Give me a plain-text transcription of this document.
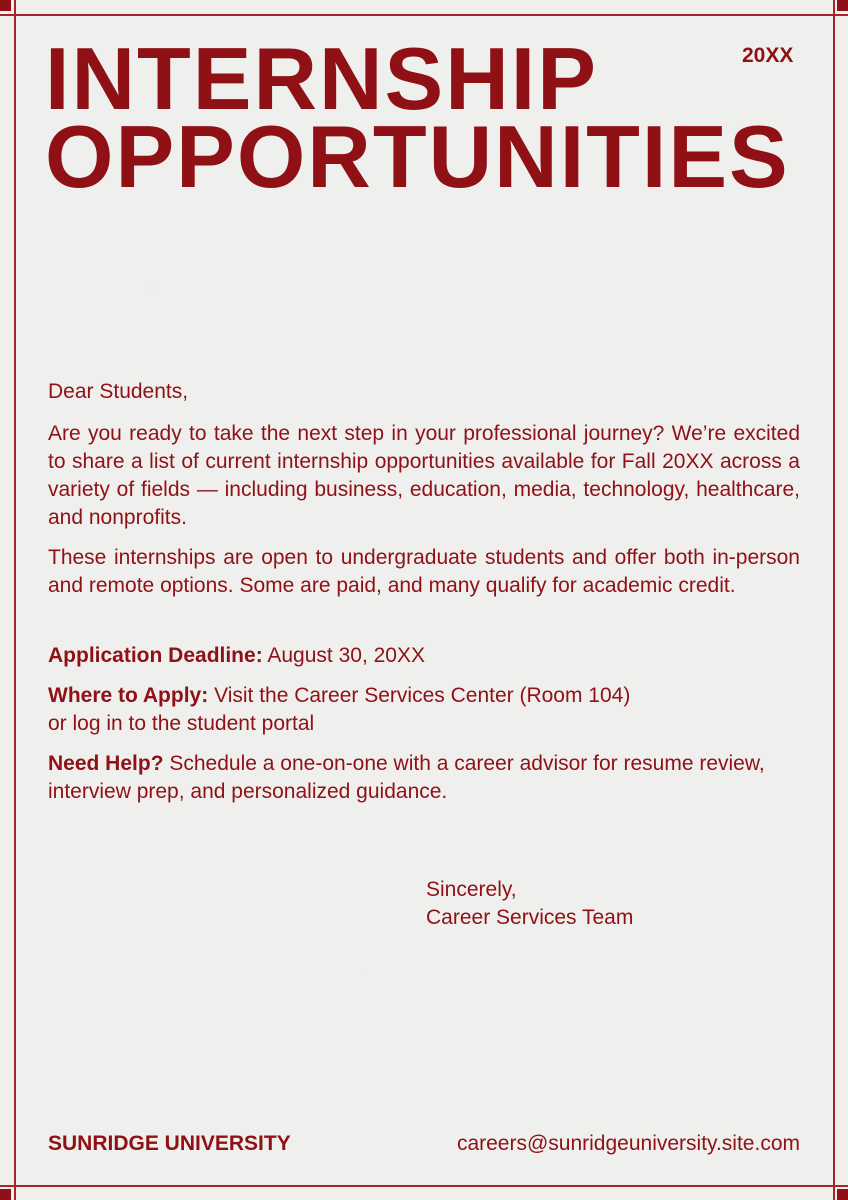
INTERNSHIP
OPPORTUNITIES
20XX

Dear Students,

Are you ready to take the next step in your professional journey? We’re excited to share a list of current internship opportunities available for Fall 20XX across a variety of fields — including business, education, media, technology, healthcare, and nonprofits.

These internships are open to undergraduate students and offer both in-person and remote options. Some are paid, and many qualify for academic credit.

Application Deadline: August 30, 20XX

Where to Apply: Visit the Career Services Center (Room 104)
or log in to the student portal

Need Help? Schedule a one-on-one with a career advisor for resume review, interview prep, and personalized guidance.

Sincerely,
Career Services Team
SUNRIDGE UNIVERSITY	careers@sunridgeuniversity.site.com
